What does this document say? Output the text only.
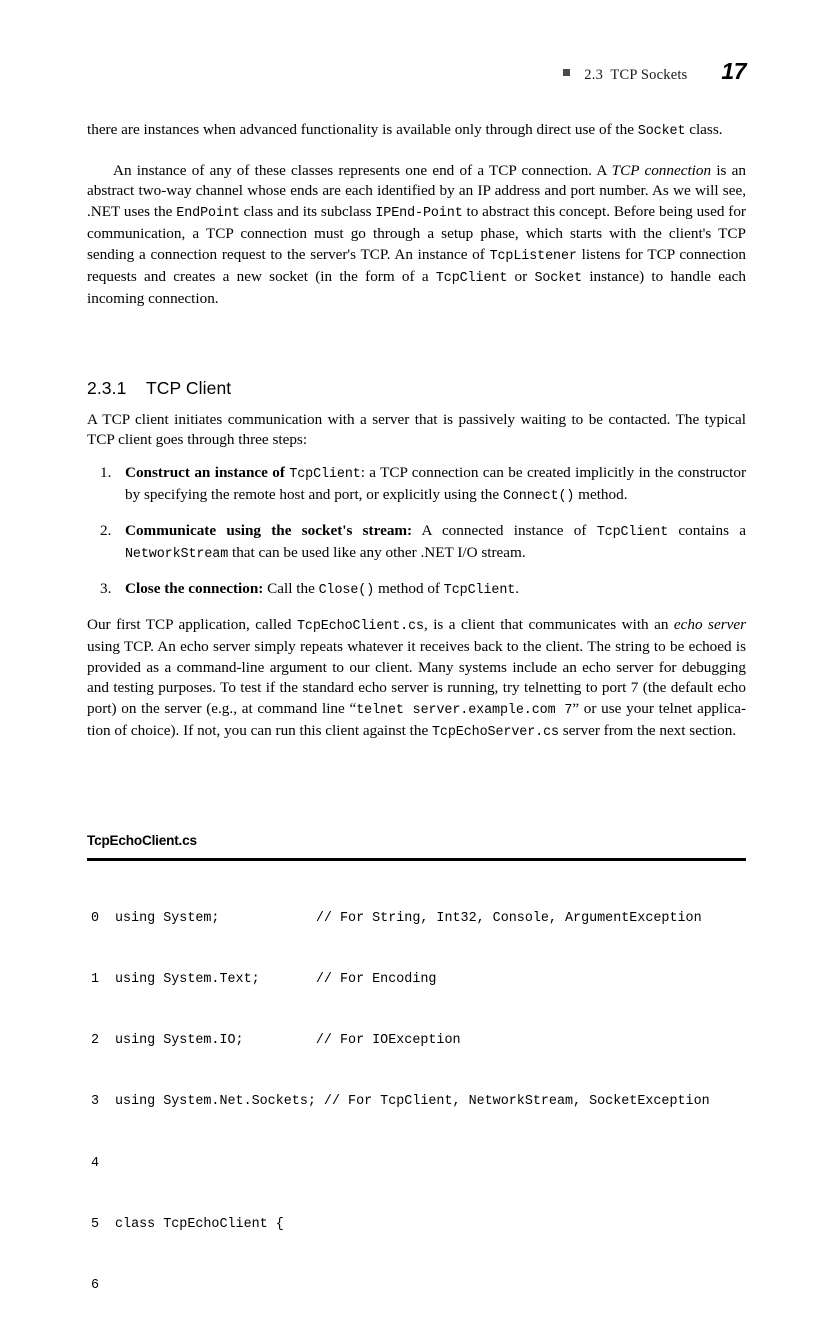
2.3  TCP Sockets 17

there are instances when advanced functionality is available only through direct use of the Socket class.

An instance of any of these classes represents one end of a TCP connection. A TCP connection is an abstract two-way channel whose ends are each identified by an IP address and port number. As we will see, .NET uses the EndPoint class and its subclass IPEnd‑Point to abstract this concept. Before being used for communication, a TCP connection must go through a setup phase, which starts with the client's TCP sending a connection request to the server's TCP. An instance of TcpListener listens for TCP connection requests and creates a new socket (in the form of a TcpClient or Socket instance) to handle each incoming connection.

2.3.1    TCP Client

A TCP client initiates communication with a server that is passively waiting to be contacted. The typical TCP client goes through three steps:

1. Construct an instance of TcpClient: a TCP connection can be created implicitly in the constructor by specifying the remote host and port, or explicitly using the Connect() method.
2. Communicate using the socket's stream: A connected instance of TcpClient contains a NetworkStream that can be used like any other .NET I/O stream.
3. Close the connection: Call the Close() method of TcpClient.

Our first TCP application, called TcpEchoClient.cs, is a client that communicates with an echo server using TCP. An echo server simply repeats whatever it receives back to the client. The string to be echoed is provided as a command-line argument to our client. Many systems include an echo server for debugging and testing purposes. To test if the standard echo server is running, try telnetting to port 7 (the default echo port) on the server (e.g., at command line “telnet server.example.com 7” or use your telnet applica-tion of choice). If not, you can run this client against the TcpEchoServer.cs server from the next section.

TcpEchoClient.cs

0	using System;            // For String, Int32, Console, ArgumentException

1	using System.Text;       // For Encoding

2	using System.IO;         // For IOException

3	using System.Net.Sockets; // For TcpClient, NetworkStream, SocketException

4

5	class TcpEchoClient {

6
